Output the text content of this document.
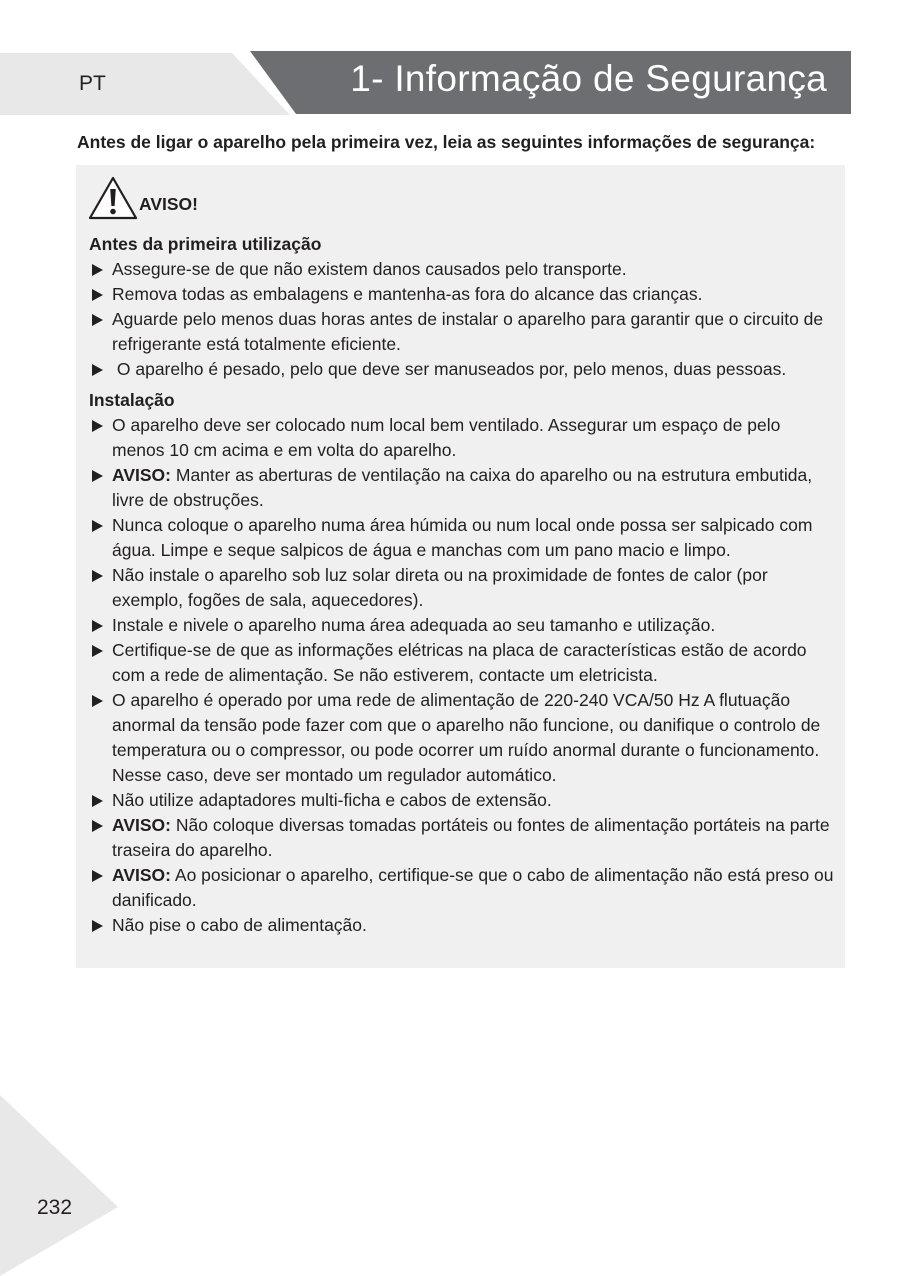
PT	1- Informação de Segurança
Antes de ligar o aparelho pela primeira vez, leia as seguintes informações de segurança:
AVISO!
Antes da primeira utilização
Assegure-se de que não existem danos causados pelo transporte.
Remova todas as embalagens e mantenha-as fora do alcance das crianças.
Aguarde pelo menos duas horas antes de instalar o aparelho para garantir que o circuito de refrigerante está totalmente eficiente.
O aparelho é pesado, pelo que deve ser manuseados por, pelo menos, duas pessoas.
Instalação
O aparelho deve ser colocado num local bem ventilado. Assegurar um espaço de pelo menos 10 cm acima e em volta do aparelho.
AVISO: Manter as aberturas de ventilação na caixa do aparelho ou na estrutura embutida, livre de obstruções.
Nunca coloque o aparelho numa área húmida ou num local onde possa ser salpicado com água. Limpe e seque salpicos de água e manchas com um pano macio e limpo.
Não instale o aparelho sob luz solar direta ou na proximidade de fontes de calor (por exemplo, fogões de sala, aquecedores).
Instale e nivele o aparelho numa área adequada ao seu tamanho e utilização.
Certifique-se de que as informações elétricas na placa de características estão de acordo com a rede de alimentação. Se não estiverem, contacte um eletricista.
O aparelho é operado por uma rede de alimentação de 220-240 VCA/50 Hz A flutuação anormal da tensão pode fazer com que o aparelho não funcione, ou danifique o controlo de temperatura ou o compressor, ou pode ocorrer um ruído anormal durante o funcionamento. Nesse caso, deve ser montado um regulador automático.
Não utilize adaptadores multi-ficha e cabos de extensão.
AVISO: Não coloque diversas tomadas portáteis ou fontes de alimentação portáteis na parte traseira do aparelho.
AVISO: Ao posicionar o aparelho, certifique-se que o cabo de alimentação não está preso ou danificado.
Não pise o cabo de alimentação.
232
